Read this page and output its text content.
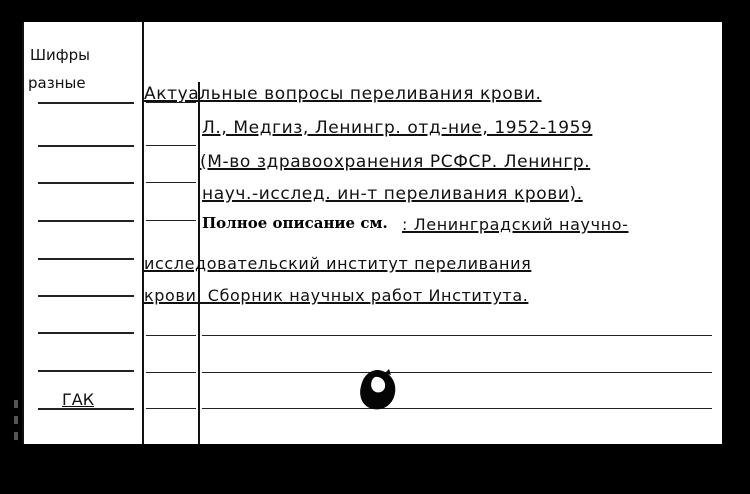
Шифры
разные
ГАК
Актуальные вопросы переливания крови.
Л., Медгиз, Ленингр. отд-ние, 1952-1959
(М-во здравоохранения РСФСР. Ленингр.
науч.-исслед. ин-т переливания крови).
Полное описание см. : Ленинградский научно-
исследовательский институт переливания
крови. Сборник научных работ Института.
